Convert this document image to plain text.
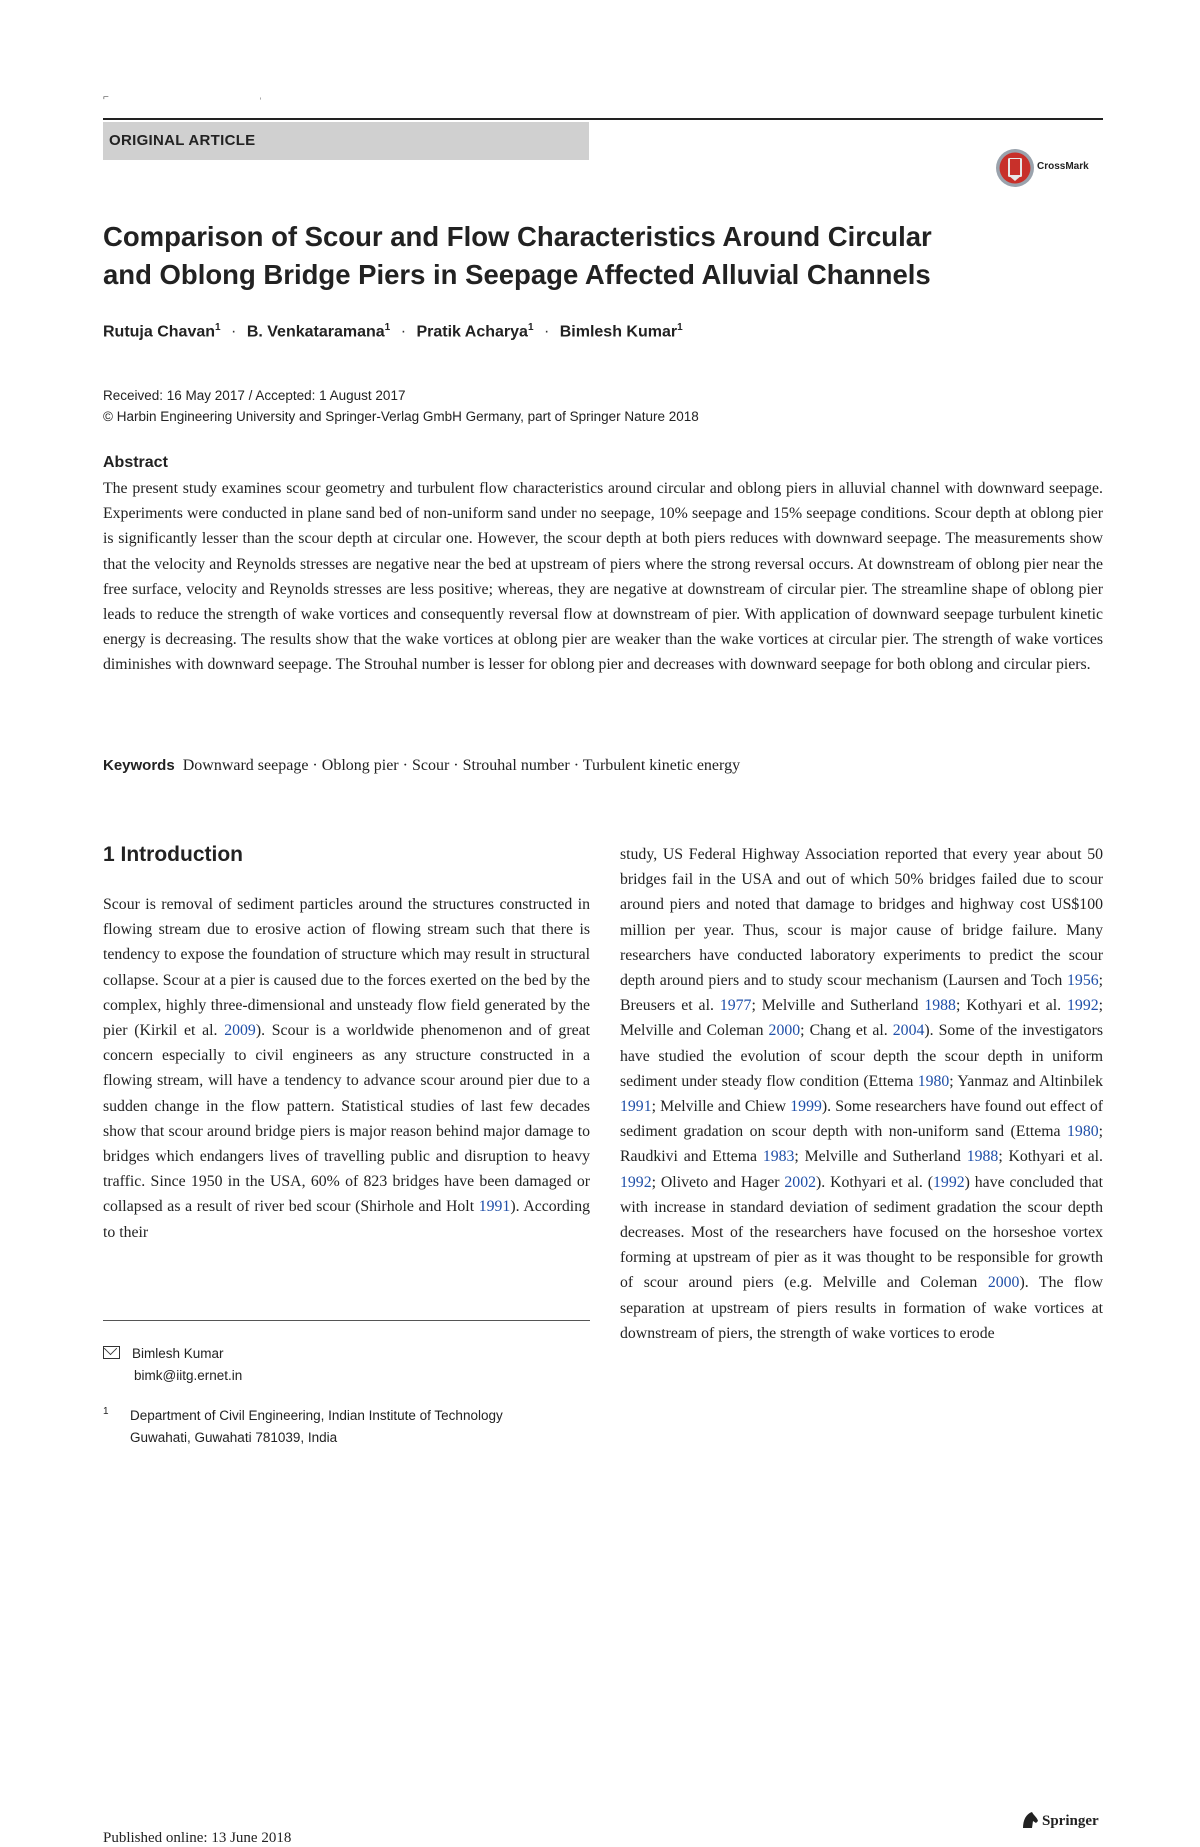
⌐                                                      ˒
ORIGINAL ARTICLE
CrossMark
Comparison of Scour and Flow Characteristics Around Circular
and Oblong Bridge Piers in Seepage Affected Alluvial Channels
Rutuja Chavan$^1$ · B. Venkataramana$^1$ · Pratik Acharya$^1$ · Bimlesh Kumar$^1$
Received: 16 May 2017 / Accepted: 1 August 2017
© Harbin Engineering University and Springer-Verlag GmbH Germany, part of Springer Nature 2018
Abstract

The present study examines scour geometry and turbulent flow characteristics around circular and oblong piers in alluvial channel with downward seepage. Experiments were conducted in plane sand bed of non-uniform sand under no seepage, 10% seepage and 15% seepage conditions. Scour depth at oblong pier is significantly lesser than the scour depth at circular one. However, the scour depth at both piers reduces with downward seepage. The measurements show that the velocity and Reynolds stresses are negative near the bed at upstream of piers where the strong reversal occurs. At downstream of oblong pier near the free surface, velocity and Reynolds stresses are less positive; whereas, they are negative at downstream of circular pier. The streamline shape of oblong pier leads to reduce the strength of wake vortices and consequently reversal flow at downstream of pier. With application of downward seepage turbulent kinetic energy is decreasing. The results show that the wake vortices at oblong pier are weaker than the wake vortices at circular pier. The strength of wake vortices diminishes with downward seepage. The Strouhal number is lesser for oblong pier and decreases with downward seepage for both oblong and circular piers.

Keywords Downward seepage · Oblong pier · Scour · Strouhal number · Turbulent kinetic energy
1 Introduction

Scour is removal of sediment particles around the structures constructed in flowing stream due to erosive action of flowing stream such that there is tendency to expose the foundation of structure which may result in structural collapse. Scour at a pier is caused due to the forces exerted on the bed by the complex, highly three-dimensional and unsteady flow field generated by the pier (Kirkil et al. 2009). Scour is a worldwide phenomenon and of great concern especially to civil engineers as any structure constructed in a flowing stream, will have a tendency to advance scour around pier due to a sudden change in the flow pattern. Statistical studies of last few decades show that scour around bridge piers is major reason behind major damage to bridges which endangers lives of travelling public and disruption to heavy traffic. Since 1950 in the USA, 60% of 823 bridges have been damaged or collapsed as a result of river bed scour (Shirhole and Holt 1991). According to their

study, US Federal Highway Association reported that every year about 50 bridges fail in the USA and out of which 50% bridges failed due to scour around piers and noted that damage to bridges and highway cost US$100 million per year. Thus, scour is major cause of bridge failure. Many researchers have conducted laboratory experiments to predict the scour depth around piers and to study scour mechanism (Laursen and Toch 1956; Breusers et al. 1977; Melville and Sutherland 1988; Kothyari et al. 1992; Melville and Coleman 2000; Chang et al. 2004). Some of the investigators have studied the evolution of scour depth the scour depth in uniform sediment under steady flow condition (Ettema 1980; Yanmaz and Altinbilek 1991; Melville and Chiew 1999). Some researchers have found out effect of sediment gradation on scour depth with non-uniform sand (Ettema 1980; Raudkivi and Ettema 1983; Melville and Sutherland 1988; Kothyari et al. 1992; Oliveto and Hager 2002). Kothyari et al. (1992) have concluded that with increase in standard deviation of sediment gradation the scour depth decreases. Most of the researchers have focused on the horseshoe vortex forming at upstream of pier as it was thought to be responsible for growth of scour around piers (e.g. Melville and Coleman 2000). The flow separation at upstream of piers results in formation of wake vortices at downstream of piers, the strength of wake vortices to erode

Bimlesh Kumar
bimk@iitg.ernet.in
1	Department of Civil Engineering, Indian Institute of Technology
Guwahati, Guwahati 781039, India
Published online: 13 June 2018
Springer
